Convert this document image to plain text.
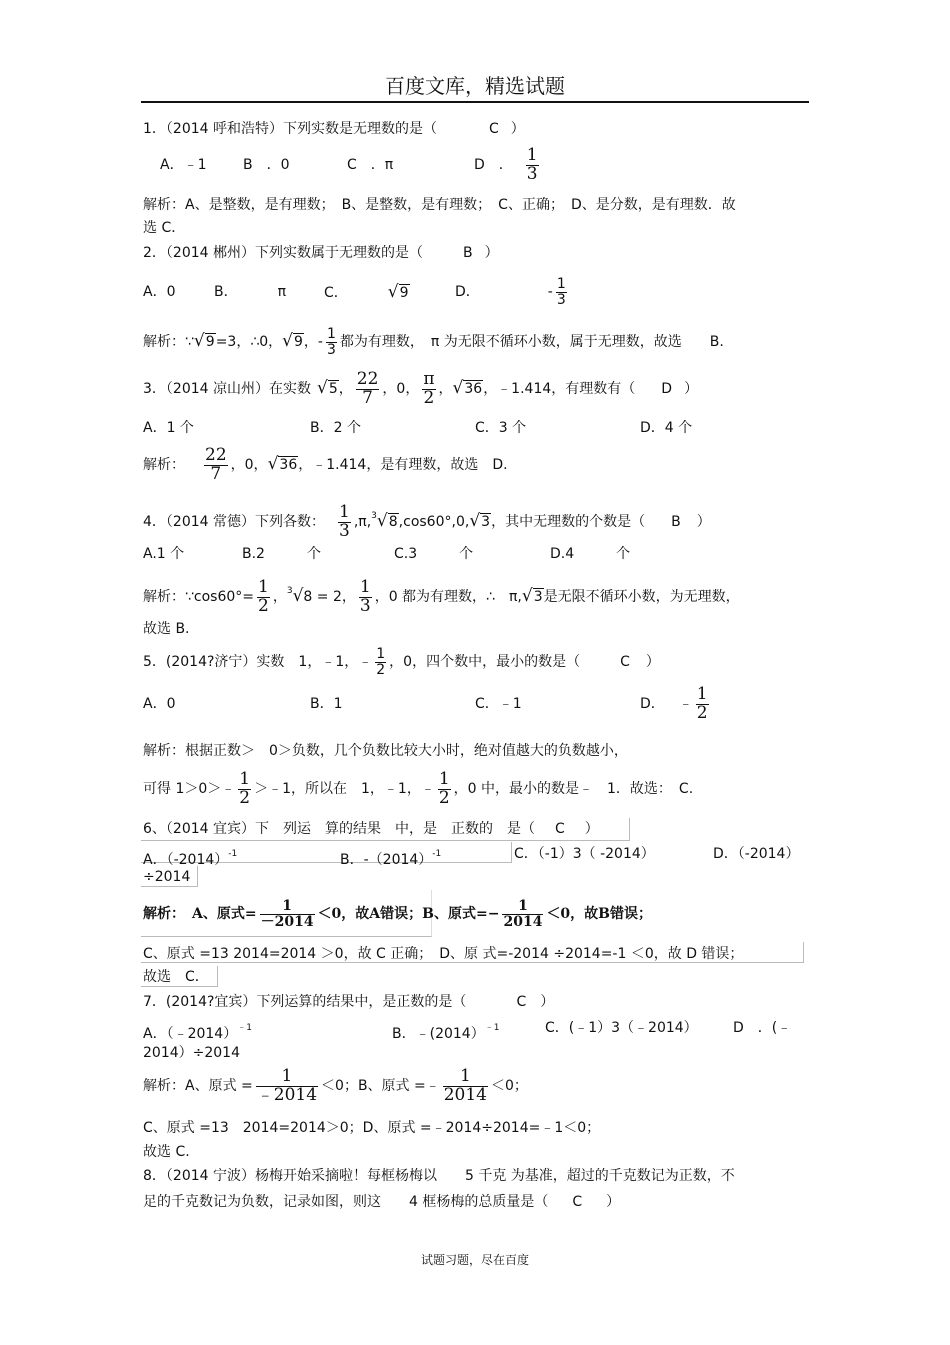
百度文库，精选试题
1．（2014 呼和浩特）下列实数是无理数的是（	C ）
A．﹣1	B　．0	C　．π	D　． $\frac{1}{3}$
解析：A、是整数，是有理数；　B、是整数，是有理数；　C、正确；　D、是分数，是有理数．故
选 C．
2．（2014 郴州）下列实数属于无理数的是（	B ）
A．0	B．	π	C． √9	D．	- $\frac{1}{3}$
解析：∵√9=3，∴0，√9，- $\frac{1}{3}$ 都为有理数，　π 为无限不循环小数，属于无理数，故选　　B.
3．（2014 凉山州）在实数 √5， $\frac{22}{7}$ ，0， $\frac{\pi}{2}$ ，√36，﹣1.414，有理数有（ D ）
A．1 个	B．2 个	C．3 个	D．4 个
解析： $\frac{22}{7}$ ，0，√36，﹣1.414，是有理数，故选　D.
4．（2014 常德）下列各数： $\frac{1}{3} ,\pi,^3√8,\cos 60^\circ,0,√3$，其中无理数的个数是（ B ）
A.1 个	B.2　　　个	C.3　　　个	D.4　　　个
解析：∵cos60°= $\frac{1}{2}$ ，$^3$√8 = 2， $\frac{1}{3}$ ，0 都为有理数，∴　π,√3是无限不循环小数，为无理数，
故选 B.
5．(2014?济宁）实数　1，﹣1，﹣ $\frac{1}{2}$ ，0，四个数中，最小的数是（	C ）
A．0	B．1	C．﹣1	D． ﹣ $\frac{1}{2}$
解析：根据正数＞　0＞负数，几个负数比较大小时，绝对值越大的负数越小，
可得 1＞0＞﹣ $\frac{1}{2}$ ＞﹣1，所以在　1，﹣1，﹣ $\frac{1}{2}$ ，0 中，最小的数是﹣　1．故选：　C.
6、（2014 宜宾）下　列运　算的结果　中，是　正数的　是（ C ）
A．$(-2014)^{-1}$	B．$-(2014)^{-1}$	C．（-1）3（ -2014）	D．（-2014）
÷2014
解析：　A、原式= $\frac{1}{-2014} <0$，故A错误；B、原式=− $\frac{1}{2014} <0$，故B错误；
C、原式 =13 2014=2014 ＞0，故 C 正确；　D、原 式=-2014 ÷2014=-1 ＜0，故 D 错误；
故选　C．
7．(2014?宜宾）下列运算的结果中，是正数的是（	C ）
A．（﹣2014）$^{﹣1}$	B．﹣(2014）$^{﹣1}$	C．(﹣1）3（﹣2014）	D　．(﹣
2014）÷2014
解析：A、原式 = $\frac{1}{﹣2014} <0$；B、原式 =﹣ $\frac{1}{2014} <0$；
C、原式 =13　2014=2014＞0；D、原式 =﹣2014÷2014=﹣1＜0；
故选 C.
8．（2014 宁波）杨梅开始采摘啦！每框杨梅以　　5 千克 为基准，超过的千克数记为正数，不
足的千克数记为负数，记录如图，则这　　4 框杨梅的总质量是（ C ）
试题习题，尽在百度
